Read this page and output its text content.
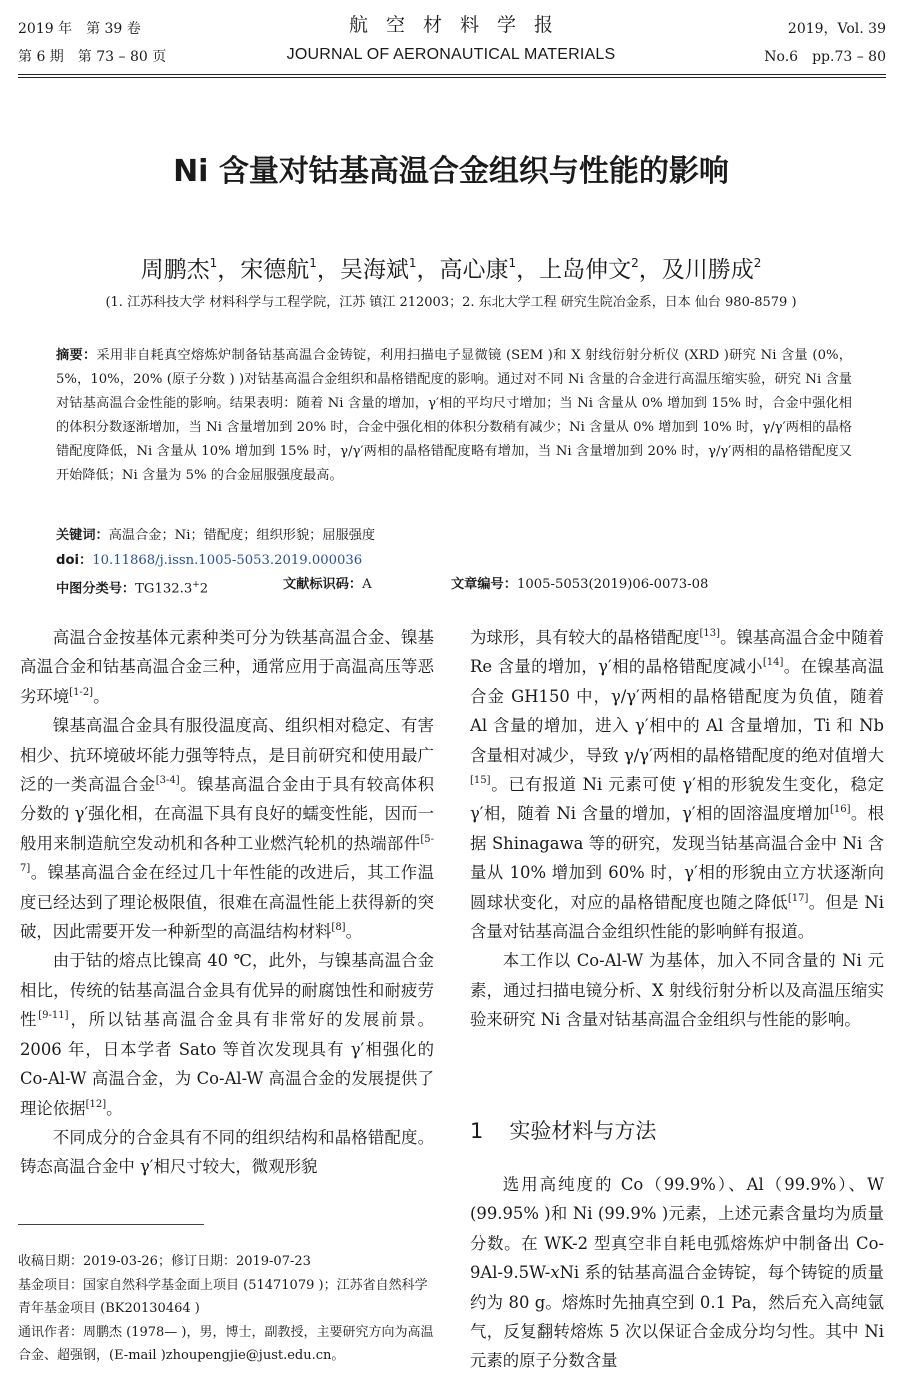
2019 年　第 39 卷
第 6 期　第 73 – 80 页
航空材料学报
JOURNAL OF AERONAUTICAL MATERIALS
2019，Vol. 39
No.6　pp.73 – 80
Ni 含量对钴基高温合金组织与性能的影响
周鹏杰$^1$，宋德航$^1$，吴海斌$^1$，高心康$^1$，上岛伸文$^2$，及川勝成$^2$
(1. 江苏科技大学 材料科学与工程学院，江苏 镇江 212003；2. 东北大学工程 研究生院冶金系，日本 仙台 980-8579 )
摘要：采用非自耗真空熔炼炉制备钴基高温合金铸锭，利用扫描电子显微镜 (SEM )和 X 射线衍射分析仪 (XRD )研究 Ni 含量 (0%，5%，10%，20% (原子分数 ) )对钴基高温合金组织和晶格错配度的影响。通过对不同 Ni 含量的合金进行高温压缩实验，研究 Ni 含量对钴基高温合金性能的影响。结果表明：随着 Ni 含量的增加，γ′相的平均尺寸增加；当 Ni 含量从 0% 增加到 15% 时，合金中强化相的体积分数逐渐增加，当 Ni 含量增加到 20% 时，合金中强化相的体积分数稍有减少；Ni 含量从 0% 增加到 10% 时，γ/γ′两相的晶格错配度降低，Ni 含量从 10% 增加到 15% 时，γ/γ′两相的晶格错配度略有增加，当 Ni 含量增加到 20% 时，γ/γ′两相的晶格错配度又开始降低；Ni 含量为 5% 的合金屈服强度最高。
关键词：高温合金；Ni；错配度；组织形貌；屈服强度
doi：10.11868/j.issn.1005-5053.2019.000036
中图分类号：TG132.3+2	文献标识码：A	文章编号：1005-5053(2019)06-0073-08

高温合金按基体元素种类可分为铁基高温合金、镍基高温合金和钴基高温合金三种，通常应用于高温高压等恶劣环境[1-2]。

镍基高温合金具有服役温度高、组织相对稳定、有害相少、抗环境破坏能力强等特点，是目前研究和使用最广泛的一类高温合金[3-4]。镍基高温合金由于具有较高体积分数的 γ′强化相，在高温下具有良好的蠕变性能，因而一般用来制造航空发动机和各种工业燃汽轮机的热端部件[5-7]。镍基高温合金在经过几十年性能的改进后，其工作温度已经达到了理论极限值，很难在高温性能上获得新的突破，因此需要开发一种新型的高温结构材料[8]。

由于钴的熔点比镍高 40 ℃，此外，与镍基高温合金相比，传统的钴基高温合金具有优异的耐腐蚀性和耐疲劳性[9-11]，所以钴基高温合金具有非常好的发展前景。2006 年，日本学者 Sato 等首次发现具有 γ′相强化的 Co-Al-W 高温合金，为 Co-Al-W 高温合金的发展提供了理论依据[12]。

不同成分的合金具有不同的组织结构和晶格错配度。铸态高温合金中 γ′相尺寸较大，微观形貌

为球形，具有较大的晶格错配度[13]。镍基高温合金中随着 Re 含量的增加，γ′相的晶格错配度减小[14]。在镍基高温合金 GH150 中，γ/γ′两相的晶格错配度为负值，随着 Al 含量的增加，进入 γ′相中的 Al 含量增加，Ti 和 Nb 含量相对减少，导致 γ/γ′两相的晶格错配度的绝对值增大[15]。已有报道 Ni 元素可使 γ′相的形貌发生变化，稳定 γ′相，随着 Ni 含量的增加，γ′相的固溶温度增加[16]。根据 Shinagawa 等的研究，发现当钴基高温合金中 Ni 含量从 10% 增加到 60% 时，γ′相的形貌由立方状逐渐向圆球状变化，对应的晶格错配度也随之降低[17]。但是 Ni 含量对钴基高温合金组织性能的影响鲜有报道。

本工作以 Co-Al-W 为基体，加入不同含量的 Ni 元素，通过扫描电镜分析、X 射线衍射分析以及高温压缩实验来研究 Ni 含量对钴基高温合金组织与性能的影响。

1 实验材料与方法

选用高纯度的 Co（99.9%）、Al（99.9%）、W (99.95% )和 Ni (99.9% )元素，上述元素含量均为质量分数。在 WK-2 型真空非自耗电弧熔炼炉中制备出 Co-9Al-9.5W-xNi 系的钴基高温合金铸锭，每个铸锭的质量约为 80 g。熔炼时先抽真空到 0.1 Pa，然后充入高纯氩气，反复翻转熔炼 5 次以保证合金成分均匀性。其中 Ni 元素的原子分数含量

收稿日期：2019-03-26；修订日期：2019-07-23
基金项目：国家自然科学基金面上项目 (51471079 )；江苏省自然科学青年基金项目 (BK20130464 )
通讯作者：周鹏杰 (1978— )，男，博士，副教授，主要研究方向为高温合金、超强钢，(E-mail )zhoupengjie@just.edu.cn。
